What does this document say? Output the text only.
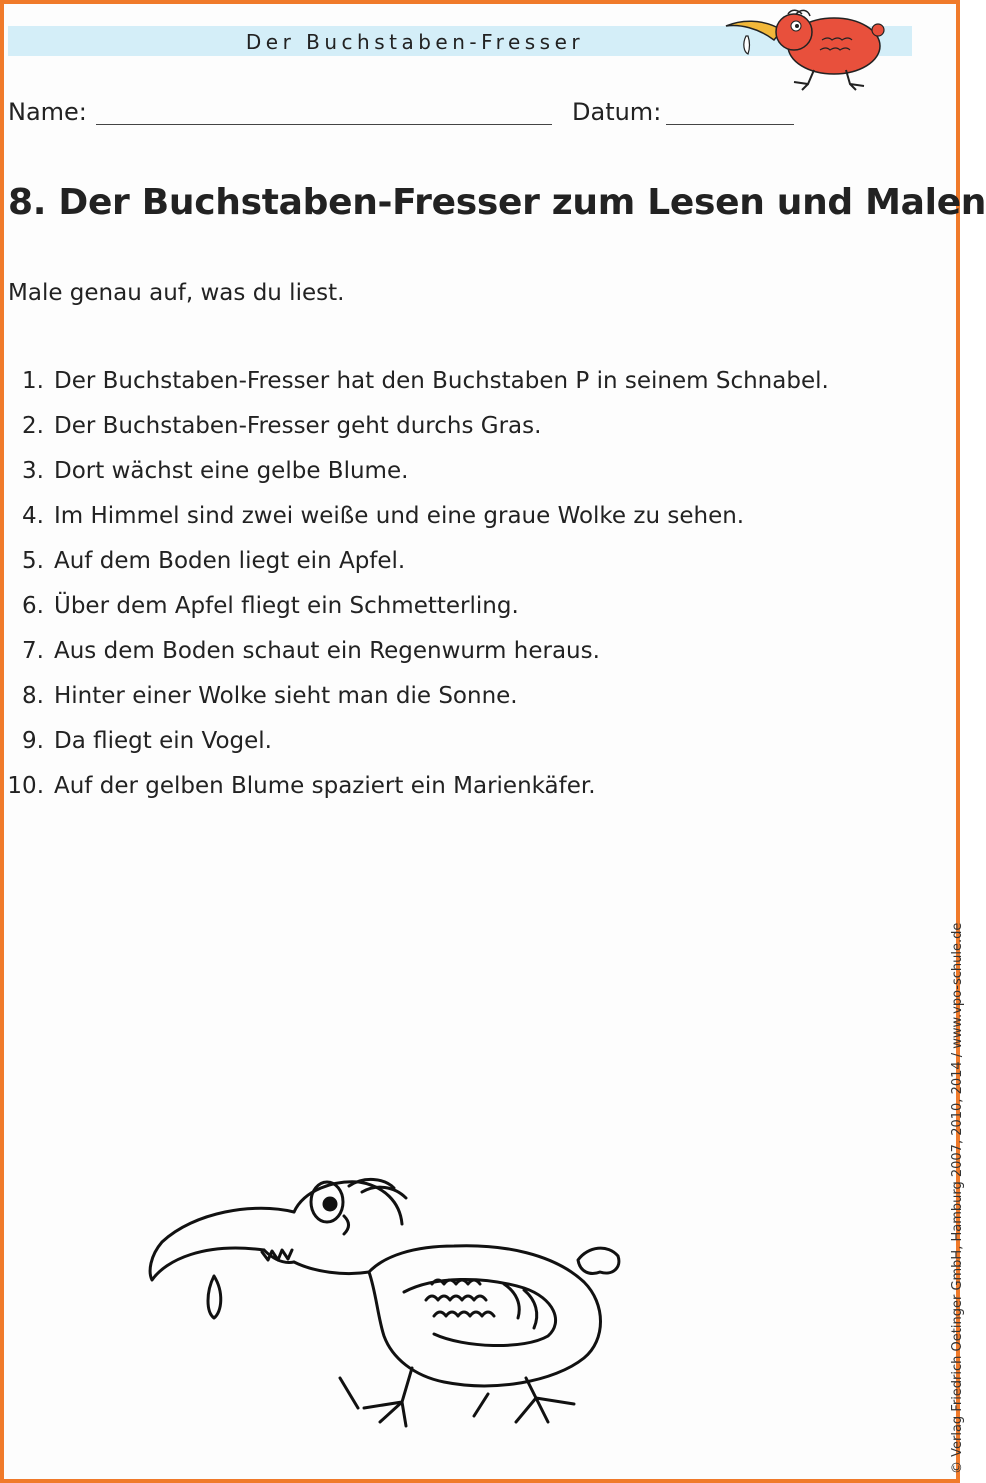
Der Buchstaben-Fresser
Name:	Datum:
8. Der Buchstaben-Fresser zum Lesen und Malen
Male genau auf, was du liest.
1. Der Buchstaben-Fresser hat den Buchstaben P in seinem Schnabel.
2. Der Buchstaben-Fresser geht durchs Gras.
3. Dort wächst eine gelbe Blume.
4. Im Himmel sind zwei weiße und eine graue Wolke zu sehen.
5. Auf dem Boden liegt ein Apfel.
6. Über dem Apfel fliegt ein Schmetterling.
7. Aus dem Boden schaut ein Regenwurm heraus.
8. Hinter einer Wolke sieht man die Sonne.
9. Da fliegt ein Vogel.
10. Auf der gelben Blume spaziert ein Marienkäfer.
© Verlag Friedrich Oetinger GmbH, Hamburg 2007, 2010, 2014 / www.vpo-schule.de
